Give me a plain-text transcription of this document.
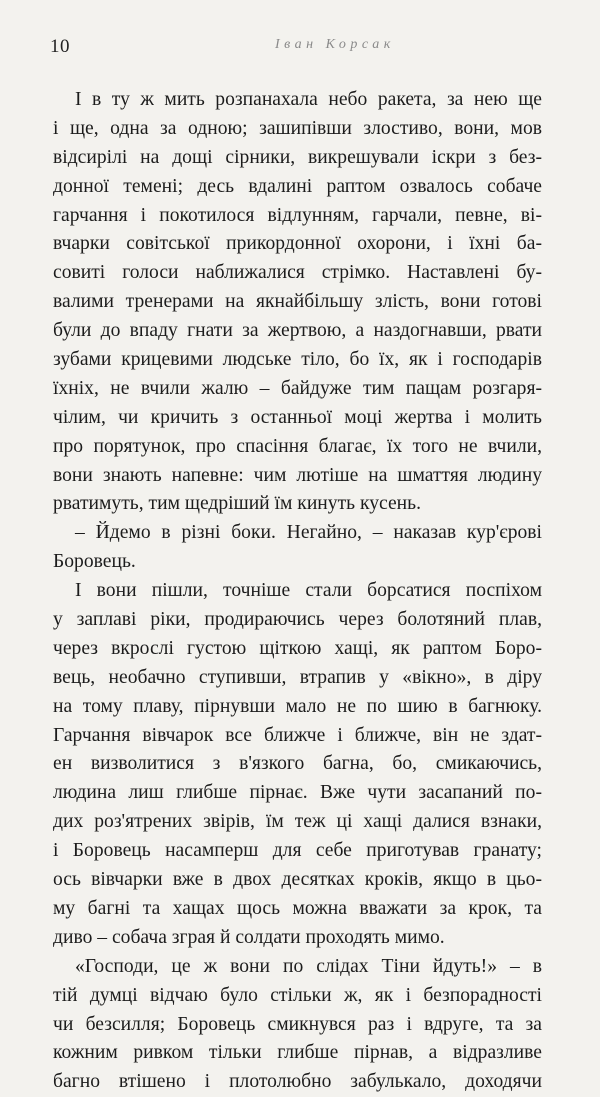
10	Іван Корсак
І в ту ж мить розпанахала небо ракета, за нею ще
і ще, одна за одною; зашипівши злостиво, вони, мов
відсирілі на дощі сірники, викрешували іскри з без-
донної темені; десь вдалині раптом озвалось собаче
гарчання і покотилося відлунням, гарчали, певне, ві-
вчарки совітської прикордонної охорони, і їхні ба-
совиті голоси наближалися стрімко. Наставлені бу-
валими тренерами на якнайбільшу злість, вони готові
були до впаду гнати за жертвою, а наздогнавши, рвати
зубами крицевими людське тіло, бо їх, як і господарів
їхніх, не вчили жалю – байдуже тим пащам розгаря-
чілим, чи кричить з останньої моці жертва і молить
про порятунок, про спасіння благає, їх того не вчили,
вони знають напевне: чим лютіше на шматтяя людину
рватимуть, тим щедріший їм кинуть кусень.
– Йдемо в різні боки. Негайно, – наказав кур'єрові
Боровець.
І вони пішли, точніше стали борсатися поспіхом
у заплаві ріки, продираючись через болотяний плав,
через вкрослі густою щіткою хащі, як раптом Боро-
вець, необачно ступивши, втрапив у «вікно», в діру
на тому плаву, пірнувши мало не по шию в багнюку.
Гарчання вівчарок все ближче і ближче, він не здат-
ен визволитися з в'язкого багна, бо, смикаючись,
людина лиш глибше пірнає. Вже чути засапаний по-
дих роз'ятрених звірів, їм теж ці хащі далися взнаки,
і Боровець насамперш для себе приготував гранату;
ось вівчарки вже в двох десятках кроків, якщо в цьо-
му багні та хащах щось можна вважати за крок, та
диво – собача зграя й солдати проходять мимо.
«Господи, це ж вони по слідах Тіни йдуть!» – в
тій думці відчаю було стільки ж, як і безпорадності
чи безсилля; Боровець смикнувся раз і вдруге, та за
кожним ривком тільки глибше пірнав, а відразливе
багно втішено і плотолюбно забулькало, доходячи
